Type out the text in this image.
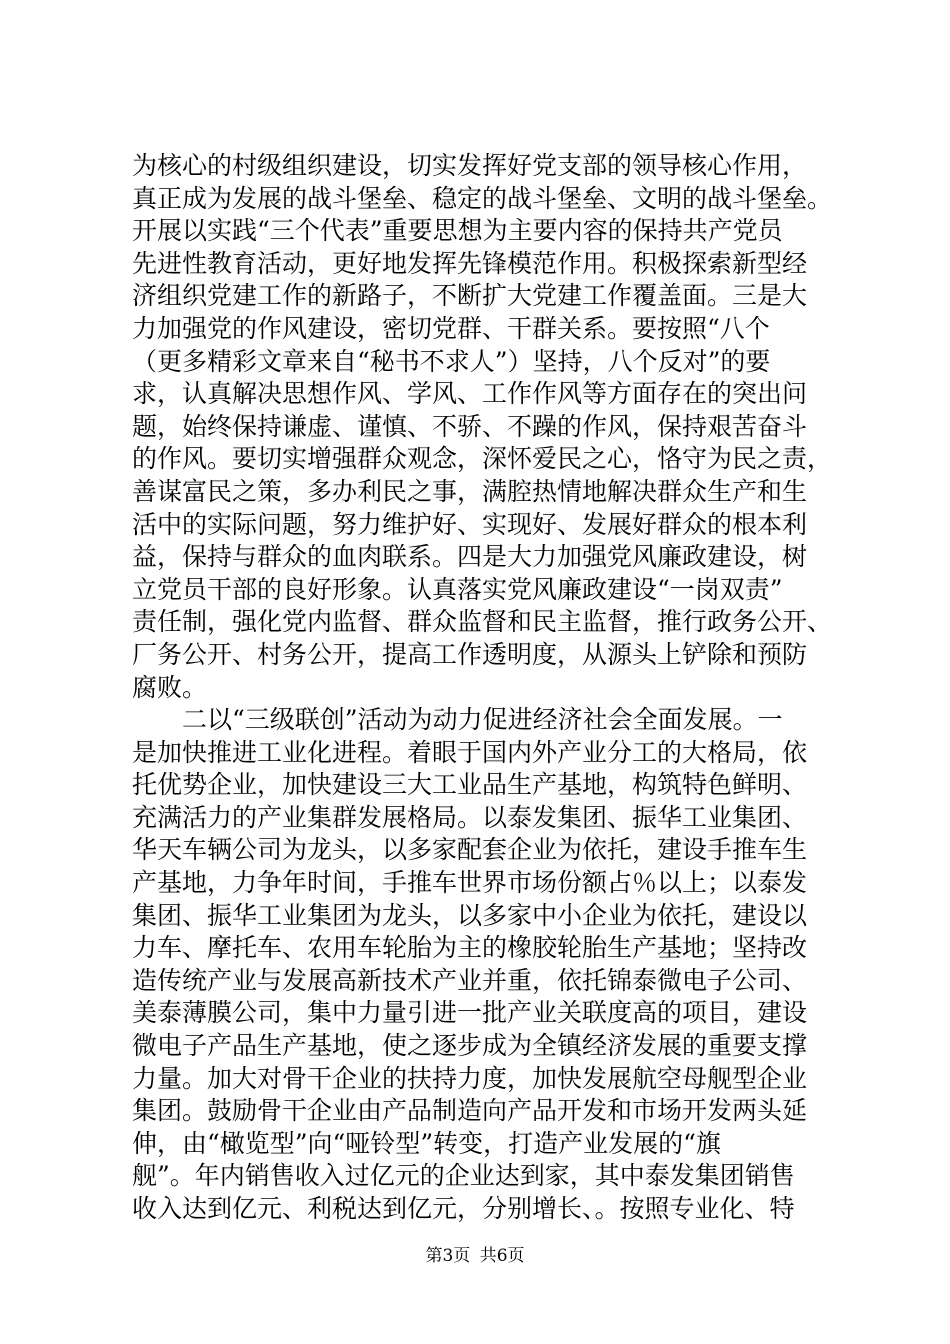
为核心的村级组织建设，切实发挥好党支部的领导核心作用，
真正成为发展的战斗堡垒、稳定的战斗堡垒、文明的战斗堡垒。
开展以实践“三个代表”重要思想为主要内容的保持共产党员
先进性教育活动，更好地发挥先锋模范作用。积极探索新型经
济组织党建工作的新路子，不断扩大党建工作覆盖面。三是大
力加强党的作风建设，密切党群、干群关系。要按照“八个
（更多精彩文章来自“秘书不求人”）坚持，八个反对”的要
求，认真解决思想作风、学风、工作作风等方面存在的突出问
题，始终保持谦虚、谨慎、不骄、不躁的作风，保持艰苦奋斗
的作风。要切实增强群众观念，深怀爱民之心，恪守为民之责，
善谋富民之策，多办利民之事，满腔热情地解决群众生产和生
活中的实际问题，努力维护好、实现好、发展好群众的根本利
益，保持与群众的血肉联系。四是大力加强党风廉政建设，树
立党员干部的良好形象。认真落实党风廉政建设“一岗双责”
责任制，强化党内监督、群众监督和民主监督，推行政务公开、
厂务公开、村务公开，提高工作透明度，从源头上铲除和预防
腐败。
　　二以“三级联创”活动为动力促进经济社会全面发展。一
是加快推进工业化进程。着眼于国内外产业分工的大格局，依
托优势企业，加快建设三大工业品生产基地，构筑特色鲜明、
充满活力的产业集群发展格局。以泰发集团、振华工业集团、
华天车辆公司为龙头，以多家配套企业为依托，建设手推车生
产基地，力争年时间，手推车世界市场份额占％以上；以泰发
集团、振华工业集团为龙头，以多家中小企业为依托，建设以
力车、摩托车、农用车轮胎为主的橡胶轮胎生产基地；坚持改
造传统产业与发展高新技术产业并重，依托锦泰微电子公司、
美泰薄膜公司，集中力量引进一批产业关联度高的项目，建设
微电子产品生产基地，使之逐步成为全镇经济发展的重要支撑
力量。加大对骨干企业的扶持力度，加快发展航空母舰型企业
集团。鼓励骨干企业由产品制造向产品开发和市场开发两头延
伸，由“橄览型”向“哑铃型”转变，打造产业发展的“旗
舰”。年内销售收入过亿元的企业达到家，其中泰发集团销售
收入达到亿元、利税达到亿元，分别增长、。按照专业化、特
第3页 共6页
